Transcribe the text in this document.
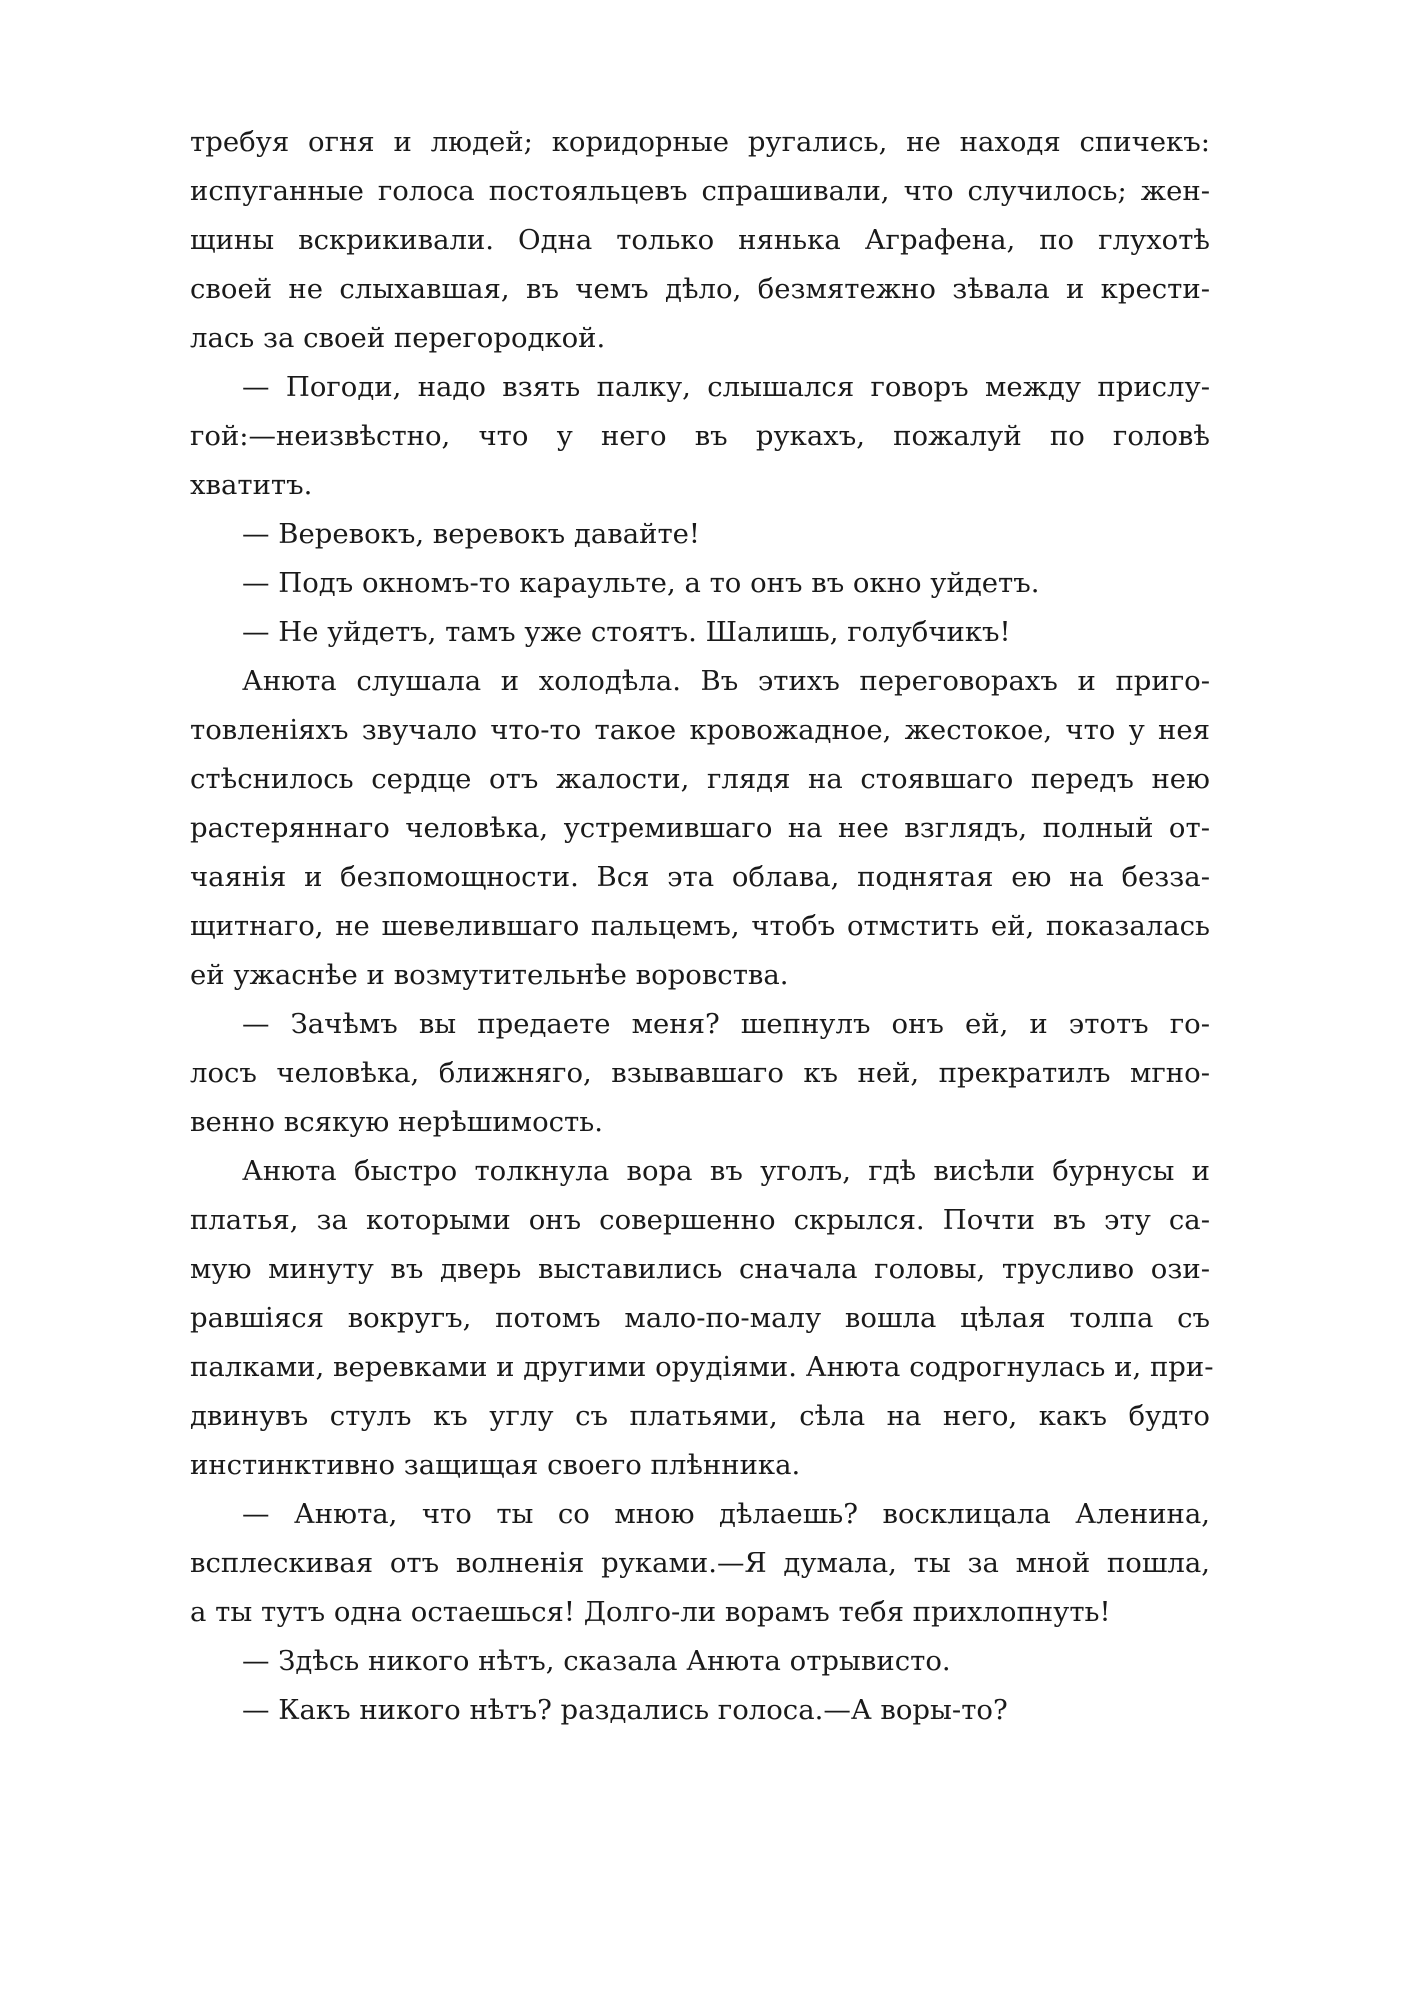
требуя огня и людей; коридорные ругались, не находя спичекъ:
испуганные голоса постояльцевъ спрашивали, что случилось; жен-
щины вскрикивали. Одна только нянька Аграфена, по глухотѣ
своей не слыхавшая, въ чемъ дѣло, безмятежно зѣвала и крести-
лась за своей перегородкой.
— Погоди, надо взять палку, слышался говоръ между прислу-
гой:—неизвѣстно, что у него въ рукахъ, пожалуй по головѣ
хватитъ.
— Веревокъ, веревокъ давайте!
— Подъ окномъ-то караульте, а то онъ въ окно уйдетъ.
— Не уйдетъ, тамъ уже стоятъ. Шалишь, голубчикъ!
Анюта слушала и холодѣла. Въ этихъ переговорахъ и приго-
товленіяхъ звучало что-то такое кровожадное, жестокое, что у нея
стѣснилось сердце отъ жалости, глядя на стоявшаго передъ нею
растеряннаго человѣка, устремившаго на нее взглядъ, полный от-
чаянія и безпомощности. Вся эта облава, поднятая ею на безза-
щитнаго, не шевелившаго пальцемъ, чтобъ отмстить ей, показалась
ей ужаснѣе и возмутительнѣе воровства.
— Зачѣмъ вы предаете меня? шепнулъ онъ ей, и этотъ го-
лосъ человѣка, ближняго, взывавшаго къ ней, прекратилъ мгно-
венно всякую нерѣшимость.
Анюта быстро толкнула вора въ уголъ, гдѣ висѣли бурнусы и
платья, за которыми онъ совершенно скрылся. Почти въ эту са-
мую минуту въ дверь выставились сначала головы, трусливо ози-
равшіяся вокругъ, потомъ мало-по-малу вошла цѣлая толпа съ
палками, веревками и другими орудіями. Анюта содрогнулась и, при-
двинувъ стулъ къ углу съ платьями, сѣла на него, какъ будто
инстинктивно защищая своего плѣнника.
— Анюта, что ты со мною дѣлаешь? восклицала Аленина,
всплескивая отъ волненія руками.—Я думала, ты за мной пошла,
а ты тутъ одна остаешься! Долго-ли ворамъ тебя прихлопнуть!
— Здѣсь никого нѣтъ, сказала Анюта отрывисто.
— Какъ никого нѣтъ? раздались голоса.—А воры-то?
